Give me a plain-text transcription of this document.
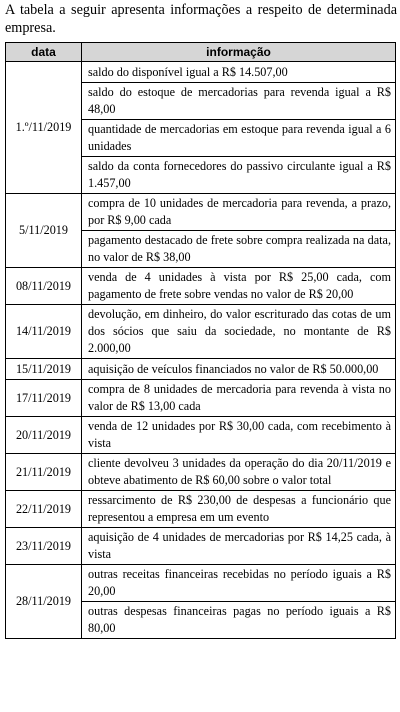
A tabela a seguir apresenta informações a respeito de determinada empresa.
data	informação
1.º/11/2019	saldo do disponível igual a R$ 14.507,00
	saldo do estoque de mercadorias para revenda igual a R$ 48,00
	quantidade de mercadorias em estoque para revenda igual a 6 unidades
	saldo da conta fornecedores do passivo circulante igual a R$ 1.457,00
5/11/2019	compra de 10 unidades de mercadoria para revenda, a prazo, por R$ 9,00 cada
	pagamento destacado de frete sobre compra realizada na data, no valor de R$ 38,00
08/11/2019	venda de 4 unidades à vista por R$ 25,00 cada, com pagamento de frete sobre vendas no valor de R$ 20,00
14/11/2019	devolução, em dinheiro, do valor escriturado das cotas de um dos sócios que saiu da sociedade, no montante de R$ 2.000,00
15/11/2019	aquisição de veículos financiados no valor de R$ 50.000,00
17/11/2019	compra de 8 unidades de mercadoria para revenda à vista no valor de R$ 13,00 cada
20/11/2019	venda de 12 unidades por R$ 30,00 cada, com recebimento à vista
21/11/2019	cliente devolveu 3 unidades da operação do dia 20/11/2019 e obteve abatimento de R$ 60,00 sobre o valor total
22/11/2019	ressarcimento de R$ 230,00 de despesas a funcionário que representou a empresa em um evento
23/11/2019	aquisição de 4 unidades de mercadorias por R$ 14,25 cada, à vista
28/11/2019	outras receitas financeiras recebidas no período iguais a R$ 20,00
	outras despesas financeiras pagas no período iguais a R$ 80,00
